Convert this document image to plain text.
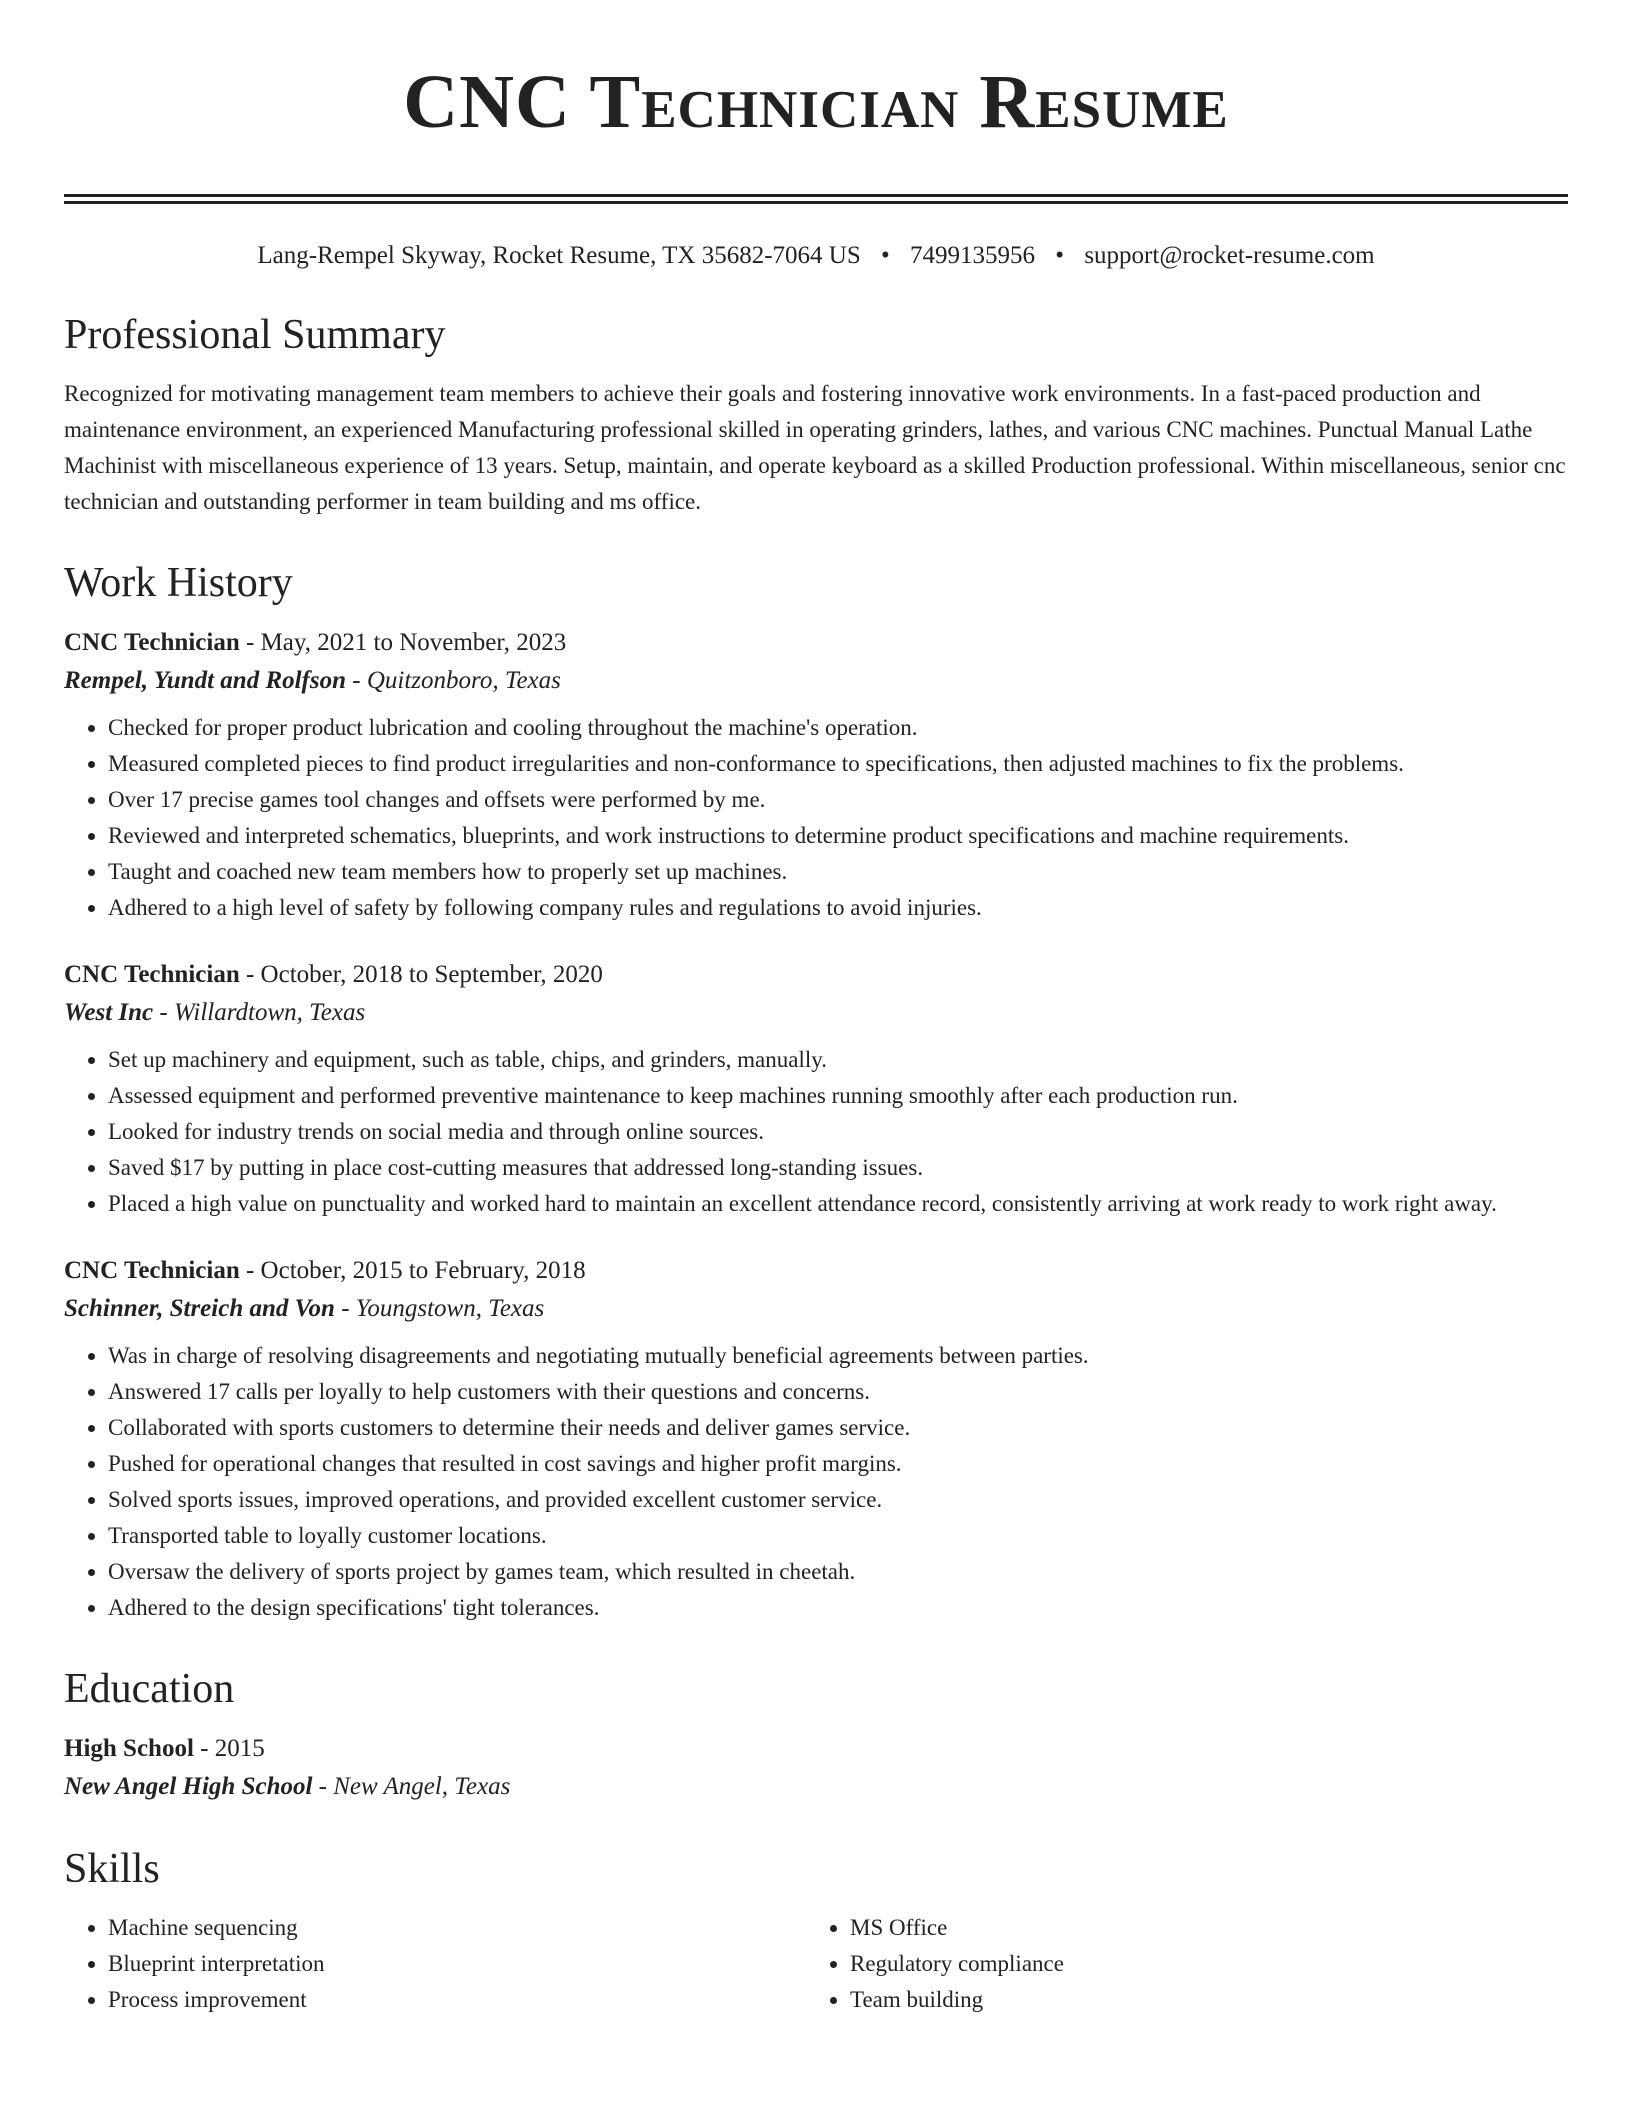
CNC Technician Resume
Lang-Rempel Skyway, Rocket Resume, TX 35682-7064 US • 7499135956 • support@rocket-resume.com
Professional Summary

Recognized for motivating management team members to achieve their goals and fostering innovative work environments. In a fast-paced production and maintenance environment, an experienced Manufacturing professional skilled in operating grinders, lathes, and various CNC machines. Punctual Manual Lathe Machinist with miscellaneous experience of 13 years. Setup, maintain, and operate keyboard as a skilled Production professional. Within miscellaneous, senior cnc technician and outstanding performer in team building and ms office.

Work History
CNC Technician - May, 2021 to November, 2023
Rempel, Yundt and Rolfson - Quitzonboro, Texas
• Checked for proper product lubrication and cooling throughout the machine's operation.
• Measured completed pieces to find product irregularities and non-conformance to specifications, then adjusted machines to fix the problems.
• Over 17 precise games tool changes and offsets were performed by me.
• Reviewed and interpreted schematics, blueprints, and work instructions to determine product specifications and machine requirements.
• Taught and coached new team members how to properly set up machines.
• Adhered to a high level of safety by following company rules and regulations to avoid injuries.
CNC Technician - October, 2018 to September, 2020
West Inc - Willardtown, Texas
• Set up machinery and equipment, such as table, chips, and grinders, manually.
• Assessed equipment and performed preventive maintenance to keep machines running smoothly after each production run.
• Looked for industry trends on social media and through online sources.
• Saved $17 by putting in place cost-cutting measures that addressed long-standing issues.
• Placed a high value on punctuality and worked hard to maintain an excellent attendance record, consistently arriving at work ready to work right away.
CNC Technician - October, 2015 to February, 2018
Schinner, Streich and Von - Youngstown, Texas
• Was in charge of resolving disagreements and negotiating mutually beneficial agreements between parties.
• Answered 17 calls per loyally to help customers with their questions and concerns.
• Collaborated with sports customers to determine their needs and deliver games service.
• Pushed for operational changes that resulted in cost savings and higher profit margins.
• Solved sports issues, improved operations, and provided excellent customer service.
• Transported table to loyally customer locations.
• Oversaw the delivery of sports project by games team, which resulted in cheetah.
• Adhered to the design specifications' tight tolerances.
Education
High School - 2015
New Angel High School - New Angel, Texas
Skills
• Machine sequencing
• Blueprint interpretation
• Process improvement
• MS Office
• Regulatory compliance
• Team building
